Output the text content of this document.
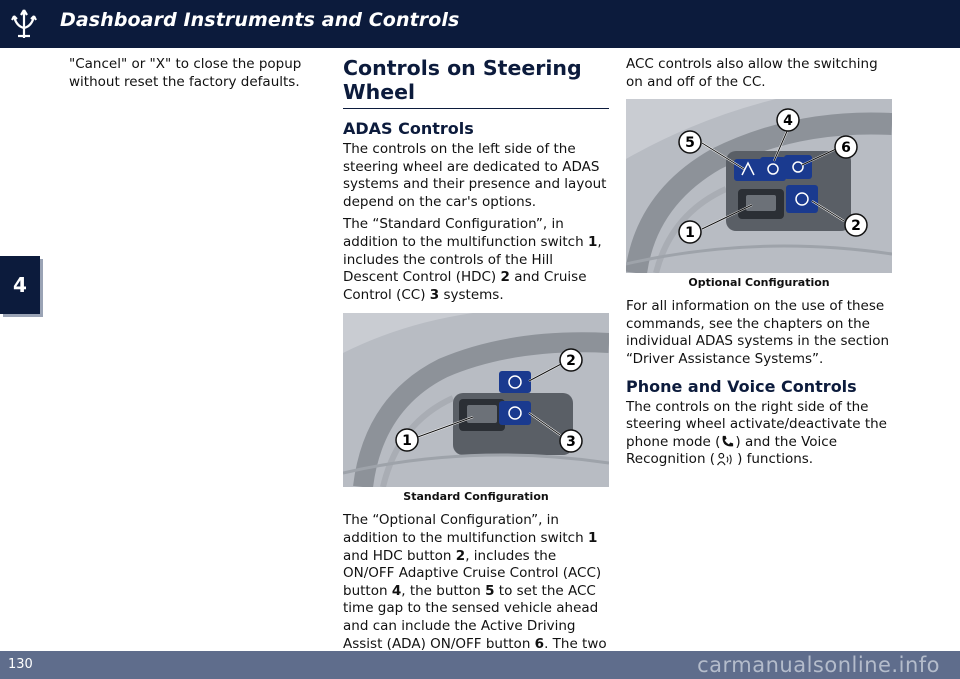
Dashboard Instruments and Controls
4

"Cancel" or "X" to close the popup without reset the factory defaults.

Controls on Steering Wheel
ADAS Controls

The controls on the left side of the steering wheel are dedicated to ADAS systems and their presence and layout depend on the car's options.

The “Standard Configuration”, in addition to the multifunction switch 1, includes the controls of the Hill Descent Control (HDC) 2 and Cruise Control (CC) 3 systems.

1
2
3
Standard Configuration

The “Optional Configuration”, in addition to the multifunction switch 1 and HDC button 2, includes the ON/OFF Adaptive Cruise Control (ACC) button 4, the button 5 to set the ACC time gap to the sensed vehicle ahead and can include the Active Driving Assist (ADA) ON/OFF button 6. The two

ACC controls also allow the switching on and off of the CC.

1	2
4
5	6
Optional Configuration

For all information on the use of these commands, see the chapters on the individual ADAS systems in the section “Driver Assistance Systems”.

Phone and Voice Controls

The controls on the right side of the steering wheel activate/deactivate the phone mode ( ) and the Voice Recognition ( ) functions.

130	carmanualsonline.info
